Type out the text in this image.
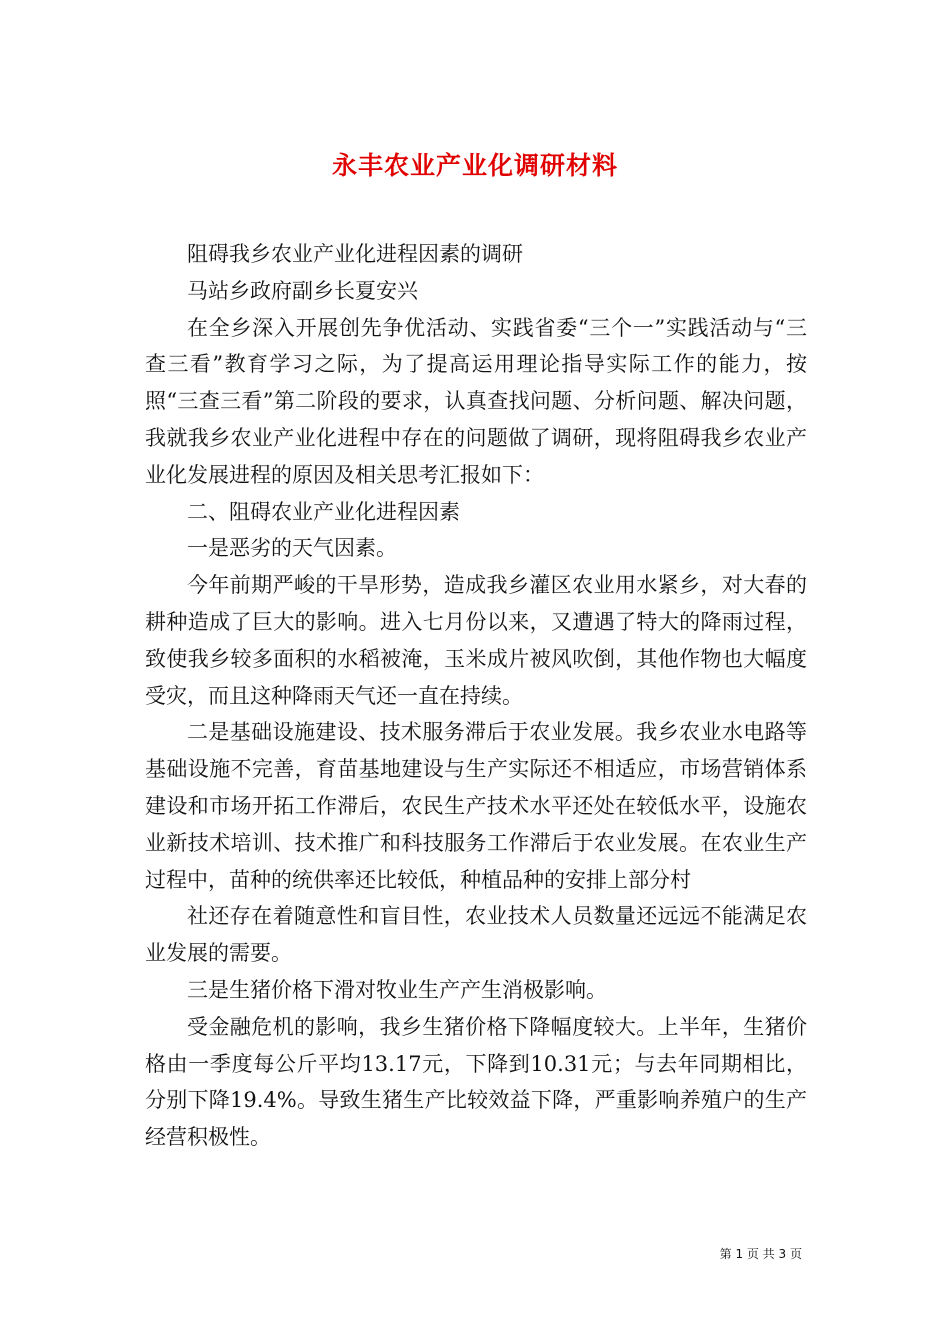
永丰农业产业化调研材料

阻碍我乡农业产业化进程因素的调研

马站乡政府副乡长夏安兴

在全乡深入开展创先争优活动、实践省委“三个一”实践活动与“三查三看”教育学习之际，为了提高运用理论指导实际工作的能力，按照“三查三看”第二阶段的要求，认真查找问题、分析问题、解决问题，我就我乡农业产业化进程中存在的问题做了调研，现将阻碍我乡农业产业化发展进程的原因及相关思考汇报如下：

二、阻碍农业产业化进程因素

一是恶劣的天气因素。

今年前期严峻的干旱形势，造成我乡灌区农业用水紧乡，对大春的耕种造成了巨大的影响。进入七月份以来，又遭遇了特大的降雨过程，致使我乡较多面积的水稻被淹，玉米成片被风吹倒，其他作物也大幅度受灾，而且这种降雨天气还一直在持续。

二是基础设施建设、技术服务滞后于农业发展。我乡农业水电路等基础设施不完善，育苗基地建设与生产实际还不相适应，市场营销体系建设和市场开拓工作滞后，农民生产技术水平还处在较低水平，设施农业新技术培训、技术推广和科技服务工作滞后于农业发展。在农业生产过程中，苗种的统供率还比较低，种植品种的安排上部分村

社还存在着随意性和盲目性，农业技术人员数量还远远不能满足农业发展的需要。

三是生猪价格下滑对牧业生产产生消极影响。

受金融危机的影响，我乡生猪价格下降幅度较大。上半年，生猪价格由一季度每公斤平均13.17元，下降到10.31元；与去年同期相比，分别下降19.4%。导致生猪生产比较效益下降，严重影响养殖户的生产经营积极性。

第 1 页 共 3 页
